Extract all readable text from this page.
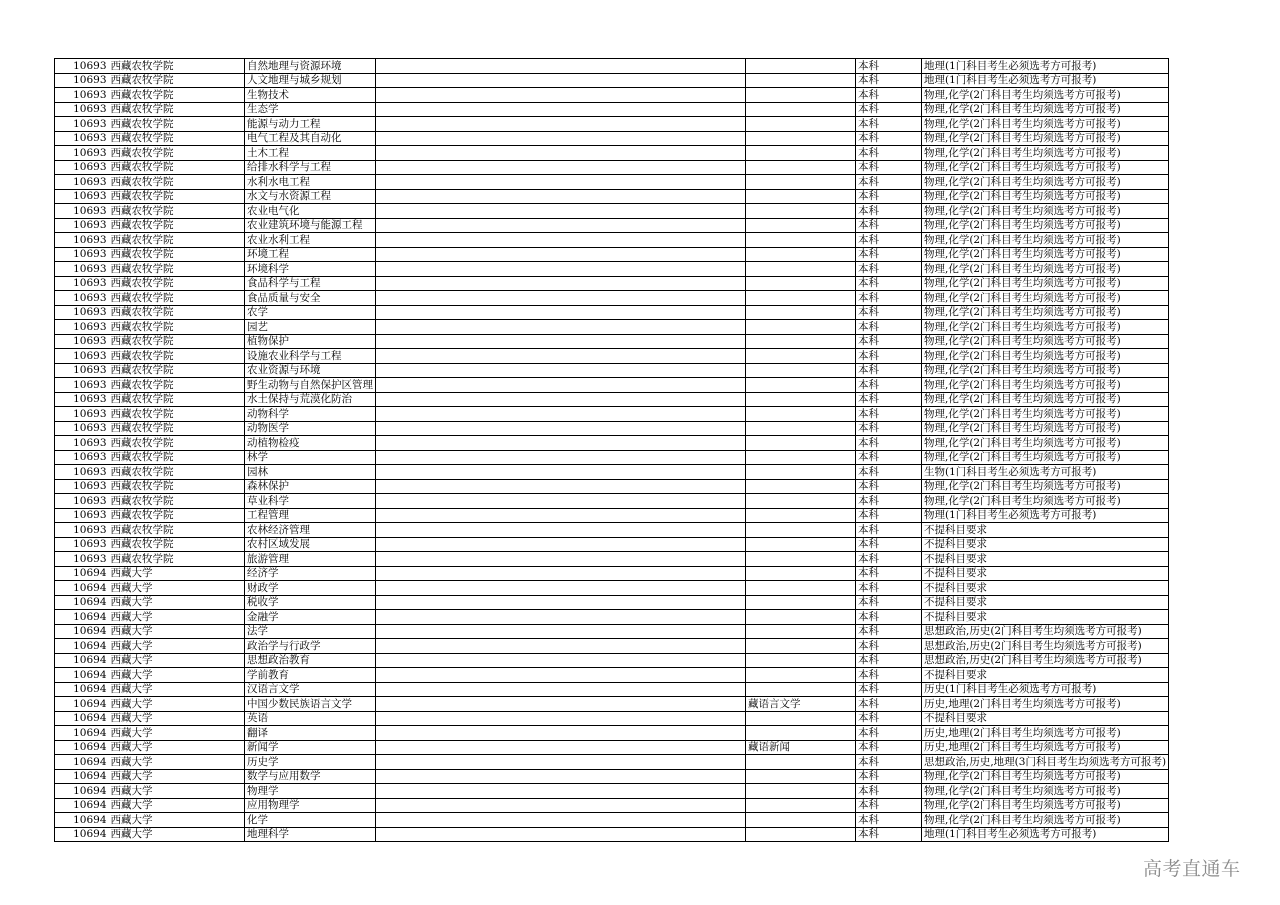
10693	西藏农牧学院	自然地理与资源环境			本科	地理(1门科目考生必须选考方可报考)
10693	西藏农牧学院	人文地理与城乡规划			本科	地理(1门科目考生必须选考方可报考)
10693	西藏农牧学院	生物技术			本科	物理,化学(2门科目考生均须选考方可报考)
10693	西藏农牧学院	生态学			本科	物理,化学(2门科目考生均须选考方可报考)
10693	西藏农牧学院	能源与动力工程			本科	物理,化学(2门科目考生均须选考方可报考)
10693	西藏农牧学院	电气工程及其自动化			本科	物理,化学(2门科目考生均须选考方可报考)
10693	西藏农牧学院	土木工程			本科	物理,化学(2门科目考生均须选考方可报考)
10693	西藏农牧学院	给排水科学与工程			本科	物理,化学(2门科目考生均须选考方可报考)
10693	西藏农牧学院	水利水电工程			本科	物理,化学(2门科目考生均须选考方可报考)
10693	西藏农牧学院	水文与水资源工程			本科	物理,化学(2门科目考生均须选考方可报考)
10693	西藏农牧学院	农业电气化			本科	物理,化学(2门科目考生均须选考方可报考)
10693	西藏农牧学院	农业建筑环境与能源工程			本科	物理,化学(2门科目考生均须选考方可报考)
10693	西藏农牧学院	农业水利工程			本科	物理,化学(2门科目考生均须选考方可报考)
10693	西藏农牧学院	环境工程			本科	物理,化学(2门科目考生均须选考方可报考)
10693	西藏农牧学院	环境科学			本科	物理,化学(2门科目考生均须选考方可报考)
10693	西藏农牧学院	食品科学与工程			本科	物理,化学(2门科目考生均须选考方可报考)
10693	西藏农牧学院	食品质量与安全			本科	物理,化学(2门科目考生均须选考方可报考)
10693	西藏农牧学院	农学			本科	物理,化学(2门科目考生均须选考方可报考)
10693	西藏农牧学院	园艺			本科	物理,化学(2门科目考生均须选考方可报考)
10693	西藏农牧学院	植物保护			本科	物理,化学(2门科目考生均须选考方可报考)
10693	西藏农牧学院	设施农业科学与工程			本科	物理,化学(2门科目考生均须选考方可报考)
10693	西藏农牧学院	农业资源与环境			本科	物理,化学(2门科目考生均须选考方可报考)
10693	西藏农牧学院	野生动物与自然保护区管理			本科	物理,化学(2门科目考生均须选考方可报考)
10693	西藏农牧学院	水土保持与荒漠化防治			本科	物理,化学(2门科目考生均须选考方可报考)
10693	西藏农牧学院	动物科学			本科	物理,化学(2门科目考生均须选考方可报考)
10693	西藏农牧学院	动物医学			本科	物理,化学(2门科目考生均须选考方可报考)
10693	西藏农牧学院	动植物检疫			本科	物理,化学(2门科目考生均须选考方可报考)
10693	西藏农牧学院	林学			本科	物理,化学(2门科目考生均须选考方可报考)
10693	西藏农牧学院	园林			本科	生物(1门科目考生必须选考方可报考)
10693	西藏农牧学院	森林保护			本科	物理,化学(2门科目考生均须选考方可报考)
10693	西藏农牧学院	草业科学			本科	物理,化学(2门科目考生均须选考方可报考)
10693	西藏农牧学院	工程管理			本科	物理(1门科目考生必须选考方可报考)
10693	西藏农牧学院	农林经济管理			本科	不提科目要求
10693	西藏农牧学院	农村区域发展			本科	不提科目要求
10693	西藏农牧学院	旅游管理			本科	不提科目要求
10694	西藏大学	经济学			本科	不提科目要求
10694	西藏大学	财政学			本科	不提科目要求
10694	西藏大学	税收学			本科	不提科目要求
10694	西藏大学	金融学			本科	不提科目要求
10694	西藏大学	法学			本科	思想政治,历史(2门科目考生均须选考方可报考)
10694	西藏大学	政治学与行政学			本科	思想政治,历史(2门科目考生均须选考方可报考)
10694	西藏大学	思想政治教育			本科	思想政治,历史(2门科目考生均须选考方可报考)
10694	西藏大学	学前教育			本科	不提科目要求
10694	西藏大学	汉语言文学			本科	历史(1门科目考生必须选考方可报考)
10694	西藏大学	中国少数民族语言文学		藏语言文学	本科	历史,地理(2门科目考生均须选考方可报考)
10694	西藏大学	英语			本科	不提科目要求
10694	西藏大学	翻译			本科	历史,地理(2门科目考生均须选考方可报考)
10694	西藏大学	新闻学		藏语新闻	本科	历史,地理(2门科目考生均须选考方可报考)
10694	西藏大学	历史学			本科	思想政治,历史,地理(3门科目考生均须选考方可报考)
10694	西藏大学	数学与应用数学			本科	物理,化学(2门科目考生均须选考方可报考)
10694	西藏大学	物理学			本科	物理,化学(2门科目考生均须选考方可报考)
10694	西藏大学	应用物理学			本科	物理,化学(2门科目考生均须选考方可报考)
10694	西藏大学	化学			本科	物理,化学(2门科目考生均须选考方可报考)
10694	西藏大学	地理科学			本科	地理(1门科目考生必须选考方可报考)
高考直通车
